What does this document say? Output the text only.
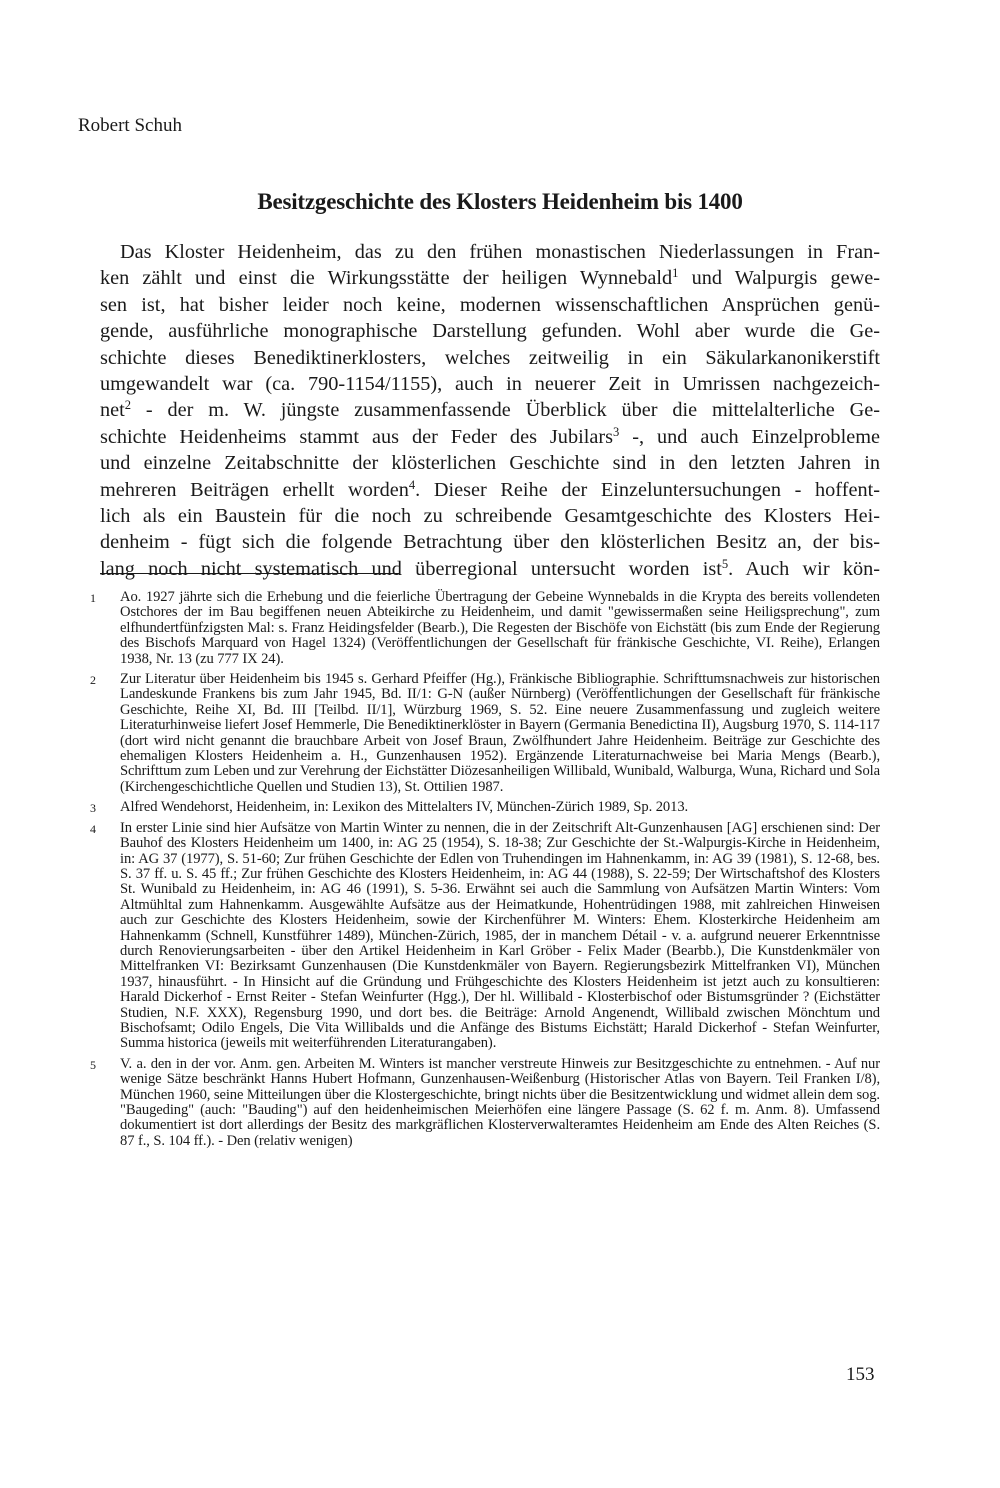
Robert Schuh
Besitzgeschichte des Klosters Heidenheim bis 1400
Das Kloster Heidenheim, das zu den frühen monastischen Niederlassungen in Fran-
ken zählt und einst die Wirkungsstätte der heiligen Wynnebald$^1$ und Walpurgis gewe-
sen ist, hat bisher leider noch keine, modernen wissenschaftlichen Ansprüchen genü-
gende, ausführliche monographische Darstellung gefunden. Wohl aber wurde die Ge-
schichte dieses Benediktinerklosters, welches zeitweilig in ein Säkularkanonikerstift
umgewandelt war (ca. 790-1154/1155), auch in neuerer Zeit in Umrissen nachgezeich-
net$^2$ - der m. W. jüngste zusammenfassende Überblick über die mittelalterliche Ge-
schichte Heidenheims stammt aus der Feder des Jubilars$^3$ -, und auch Einzelprobleme
und einzelne Zeitabschnitte der klösterlichen Geschichte sind in den letzten Jahren in
mehreren Beiträgen erhellt worden$^4$. Dieser Reihe der Einzeluntersuchungen - hoffent-
lich als ein Baustein für die noch zu schreibende Gesamtgeschichte des Klosters Hei-
denheim - fügt sich die folgende Betrachtung über den klösterlichen Besitz an, der bis-
lang noch nicht systematisch und überregional untersucht worden ist$^5$. Auch wir kön-
1	Ao. 1927 jährte sich die Erhebung und die feierliche Übertragung der Gebeine Wynnebalds in die Krypta des bereits vollendeten Ostchores der im Bau begiffenen neuen Abteikirche zu Heidenheim, und damit "gewissermaßen seine Heiligsprechung", zum elfhundertfünfzigsten Mal: s. Franz Heidingsfelder (Bearb.), Die Regesten der Bischöfe von Eichstätt (bis zum Ende der Regierung des Bischofs Marquard von Hagel 1324) (Veröffentlichungen der Gesellschaft für fränkische Geschichte, VI. Reihe), Erlangen 1938, Nr. 13 (zu 777 IX 24).
2	Zur Literatur über Heidenheim bis 1945 s. Gerhard Pfeiffer (Hg.), Fränkische Bibliographie. Schrifttumsnachweis zur historischen Landeskunde Frankens bis zum Jahr 1945, Bd. II/1: G-N (außer Nürnberg) (Veröffentlichungen der Gesellschaft für fränkische Geschichte, Reihe XI, Bd. III [Teilbd. II/1], Würzburg 1969, S. 52. Eine neuere Zusammenfassung und zugleich weitere Literaturhinweise liefert Josef Hemmerle, Die Benediktinerklöster in Bayern (Germania Benedictina II), Augsburg 1970, S. 114-117 (dort wird nicht genannt die brauchbare Arbeit von Josef Braun, Zwölfhundert Jahre Heidenheim. Beiträge zur Geschichte des ehemaligen Klosters Heidenheim a. H., Gunzenhausen 1952). Ergänzende Literaturnachweise bei Maria Mengs (Bearb.), Schrifttum zum Leben und zur Verehrung der Eichstätter Diözesanheiligen Willibald, Wunibald, Walburga, Wuna, Richard und Sola (Kirchengeschichtliche Quellen und Studien 13), St. Ottilien 1987.
3	Alfred Wendehorst, Heidenheim, in: Lexikon des Mittelalters IV, München-Zürich 1989, Sp. 2013.
4	In erster Linie sind hier Aufsätze von Martin Winter zu nennen, die in der Zeitschrift Alt-Gunzenhausen [AG] erschienen sind: Der Bauhof des Klosters Heidenheim um 1400, in: AG 25 (1954), S. 18-38; Zur Geschichte der St.-Walpurgis-Kirche in Heidenheim, in: AG 37 (1977), S. 51-60; Zur frühen Geschichte der Edlen von Truhendingen im Hahnenkamm, in: AG 39 (1981), S. 12-68, bes. S. 37 ff. u. S. 45 ff.; Zur frühen Geschichte des Klosters Heidenheim, in: AG 44 (1988), S. 22-59; Der Wirtschaftshof des Klosters St. Wunibald zu Heidenheim, in: AG 46 (1991), S. 5-36. Erwähnt sei auch die Sammlung von Aufsätzen Martin Winters: Vom Altmühltal zum Hahnenkamm. Ausgewählte Aufsätze aus der Heimatkunde, Hohentrüdingen 1988, mit zahlreichen Hinweisen auch zur Geschichte des Klosters Heidenheim, sowie der Kirchenführer M. Winters: Ehem. Klosterkirche Heidenheim am Hahnenkamm (Schnell, Kunstführer 1489), München-Zürich, 1985, der in manchem Détail - v. a. aufgrund neuerer Erkenntnisse durch Renovierungsarbeiten - über den Artikel Heidenheim in Karl Gröber - Felix Mader (Bearbb.), Die Kunstdenkmäler von Mittelfranken VI: Bezirksamt Gunzenhausen (Die Kunstdenkmäler von Bayern. Regierungsbezirk Mittelfranken VI), München 1937, hinausführt. - In Hinsicht auf die Gründung und Frühgeschichte des Klosters Heidenheim ist jetzt auch zu konsultieren: Harald Dickerhof - Ernst Reiter - Stefan Weinfurter (Hgg.), Der hl. Willibald - Klosterbischof oder Bistumsgründer ? (Eichstätter Studien, N.F. XXX), Regensburg 1990, und dort bes. die Beiträge: Arnold Angenendt, Willibald zwischen Mönchtum und Bischofsamt; Odilo Engels, Die Vita Willibalds und die Anfänge des Bistums Eichstätt; Harald Dickerhof - Stefan Weinfurter, Summa historica (jeweils mit weiterführenden Literaturangaben).
5	V. a. den in der vor. Anm. gen. Arbeiten M. Winters ist mancher verstreute Hinweis zur Besitzgeschichte zu entnehmen. - Auf nur wenige Sätze beschränkt Hanns Hubert Hofmann, Gunzenhausen-Weißenburg (Historischer Atlas von Bayern. Teil Franken I/8), München 1960, seine Mitteilungen über die Klostergeschichte, bringt nichts über die Besitzentwicklung und widmet allein dem sog. "Baugeding" (auch: "Bauding") auf den heidenheimischen Meierhöfen eine längere Passage (S. 62 f. m. Anm. 8). Umfassend dokumentiert ist dort allerdings der Besitz des markgräflichen Klosterverwalteramtes Heidenheim am Ende des Alten Reiches (S. 87 f., S. 104 ff.). - Den (relativ wenigen)
153
